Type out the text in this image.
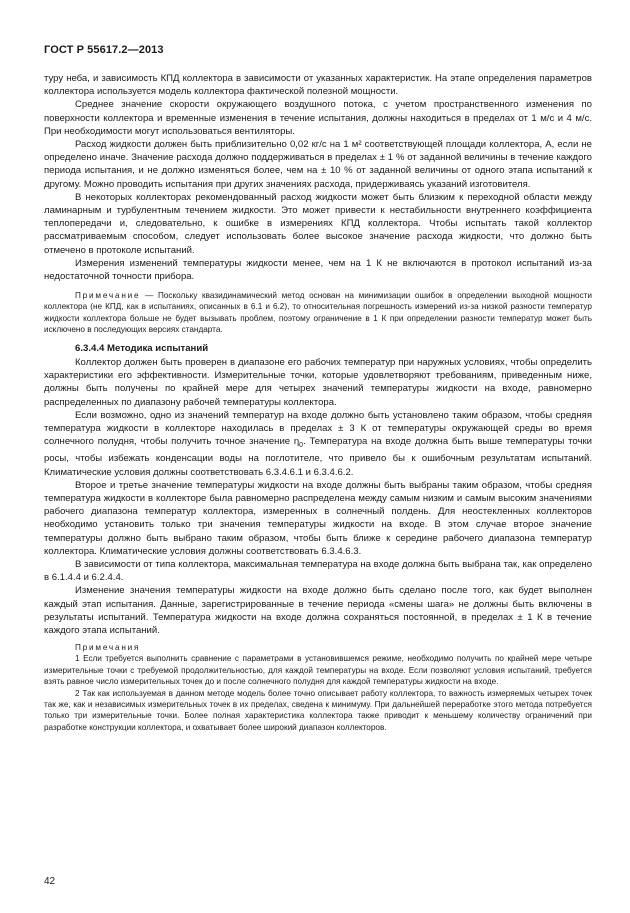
ГОСТ Р 55617.2—2013

туру неба, и зависимость КПД коллектора в зависимости от указанных характеристик. На этапе определения параметров коллектора используется модель коллектора фактической полезной мощности.

Среднее значение скорости окружающего воздушного потока, с учетом пространственного изменения по поверхности коллектора и временные изменения в течение испытания, должны находиться в пределах от 1 м/с и 4 м/с. При необходимости могут использоваться вентиляторы.

Расход жидкости должен быть приблизительно 0,02 кг/с на 1 м² соответствующей площади коллектора, А, если не определено иначе. Значение расхода должно поддерживаться в пределах ± 1 % от заданной величины в течение каждого периода испытания, и не должно изменяться более, чем на ± 10 % от заданной величины от одного этапа испытаний к другому. Можно проводить испытания при других значениях расхода, придерживаясь указаний изготовителя.

В некоторых коллекторах рекомендованный расход жидкости может быть близким к переходной области между ламинарным и турбулентным течением жидкости. Это может привести к нестабильности внутреннего коэффициента теплопередачи и, следовательно, к ошибке в измерениях КПД коллектора. Чтобы испытать такой коллектор рассматриваемым способом, следует использовать более высокое значение расхода жидкости, что должно быть отмечено в протоколе испытаний.

Измерения изменений температуры жидкости менее, чем на 1 К не включаются в протокол испытаний из-за недостаточной точности прибора.

Примечание — Поскольку квазидинамический метод основан на минимизации ошибок в определении выходной мощности коллектора (не КПД, как в испытаниях, описанных в 6.1 и 6.2), то относительная погрешность измерений из-за низкой разности температур жидкости коллектора больше не будет вызывать проблем, поэтому ограничение в 1 К при определении разности температур может быть исключено в последующих версиях стандарта.
6.3.4.4 Методика испытаний

Коллектор должен быть проверен в диапазоне его рабочих температур при наружных условиях, чтобы определить характеристики его эффективности. Измерительные точки, которые удовлетворяют требованиям, приведенным ниже, должны быть получены по крайней мере для четырех значений температуры жидкости на входе, равномерно распределенных по диапазону рабочей температуры коллектора.

Если возможно, одно из значений температур на входе должно быть установлено таким образом, чтобы средняя температура жидкости в коллекторе находилась в пределах ± 3 К от температуры окружающей среды во время солнечного полудня, чтобы получить точное значение $\eta_0$. Температура на входе должна быть выше температуры точки росы, чтобы избежать конденсации воды на поглотителе, что привело бы к ошибочным результатам испытаний. Климатические условия должны соответствовать 6.3.4.6.1 и 6.3.4.6.2.

Второе и третье значение температуры жидкости на входе должны быть выбраны таким образом, чтобы средняя температура жидкости в коллекторе была равномерно распределена между самым низким и самым высоким значениями рабочего диапазона температур коллектора, измеренных в солнечный полдень. Для неостекленных коллекторов необходимо установить только три значения температуры жидкости на входе. В этом случае второе значение температуры должно быть выбрано таким образом, чтобы быть ближе к середине рабочего диапазона температур коллектора. Климатические условия должны соответствовать 6.3.4.6.3.

В зависимости от типа коллектора, максимальная температура на входе должна быть выбрана так, как определено в 6.1.4.4 и 6.2.4.4.

Изменение значения температуры жидкости на входе должно быть сделано после того, как будет выполнен каждый этап испытания. Данные, зарегистрированные в течение периода «смены шага» не должны быть включены в результаты испытаний. Температура жидкости на входе должна сохраняться постоянной, в пределах ± 1 К в течение каждого этапа испытаний.

Примечания

1 Если требуется выполнить сравнение с параметрами в установившемся режиме, необходимо получить по крайней мере четыре измерительные точки с требуемой продолжительностью, для каждой температуры на входе. Если позволяют условия испытаний, требуется взять равное число измерительных точек до и после солнечного полудня для каждой температуры жидкости на входе.

2 Так как используемая в данном методе модель более точно описывает работу коллектора, то важность измеряемых четырех точек так же, как и независимых измерительных точек в их пределах, сведена к минимуму. При дальнейшей переработке этого метода потребуется только три измерительные точки. Более полная характеристика коллектора также приводит к меньшему количеству ограничений при разработке конструкции коллектора, и охватывает более широкий диапазон коллекторов.

42
